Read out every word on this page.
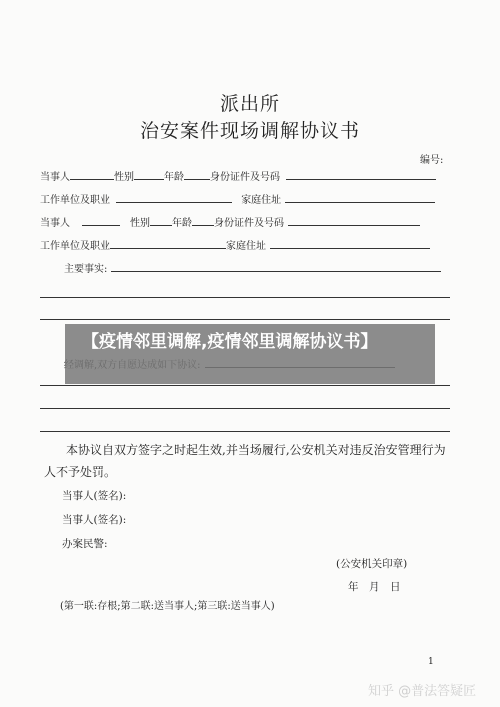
派出所
治安案件现场调解协议书
编号:
当事人	性别	年龄	身份证件及号码
工作单位及职业	家庭住址
当事人	性别 年龄 身份证件及号码
工作单位及职业	家庭住址
主要事实:
本协议自双方签字之时起生效,并当场履行,公安机关对违反治安管理行为人不予处罚。
当事人(签名):
当事人(签名):
办案民警:
(公安机关印章)
年　月　日
(第一联:存根;第二联:送当事人;第三联:送当事人)
1
【疫情邻里调解,疫情邻里调解协议书】
知乎 @普法答疑匠
